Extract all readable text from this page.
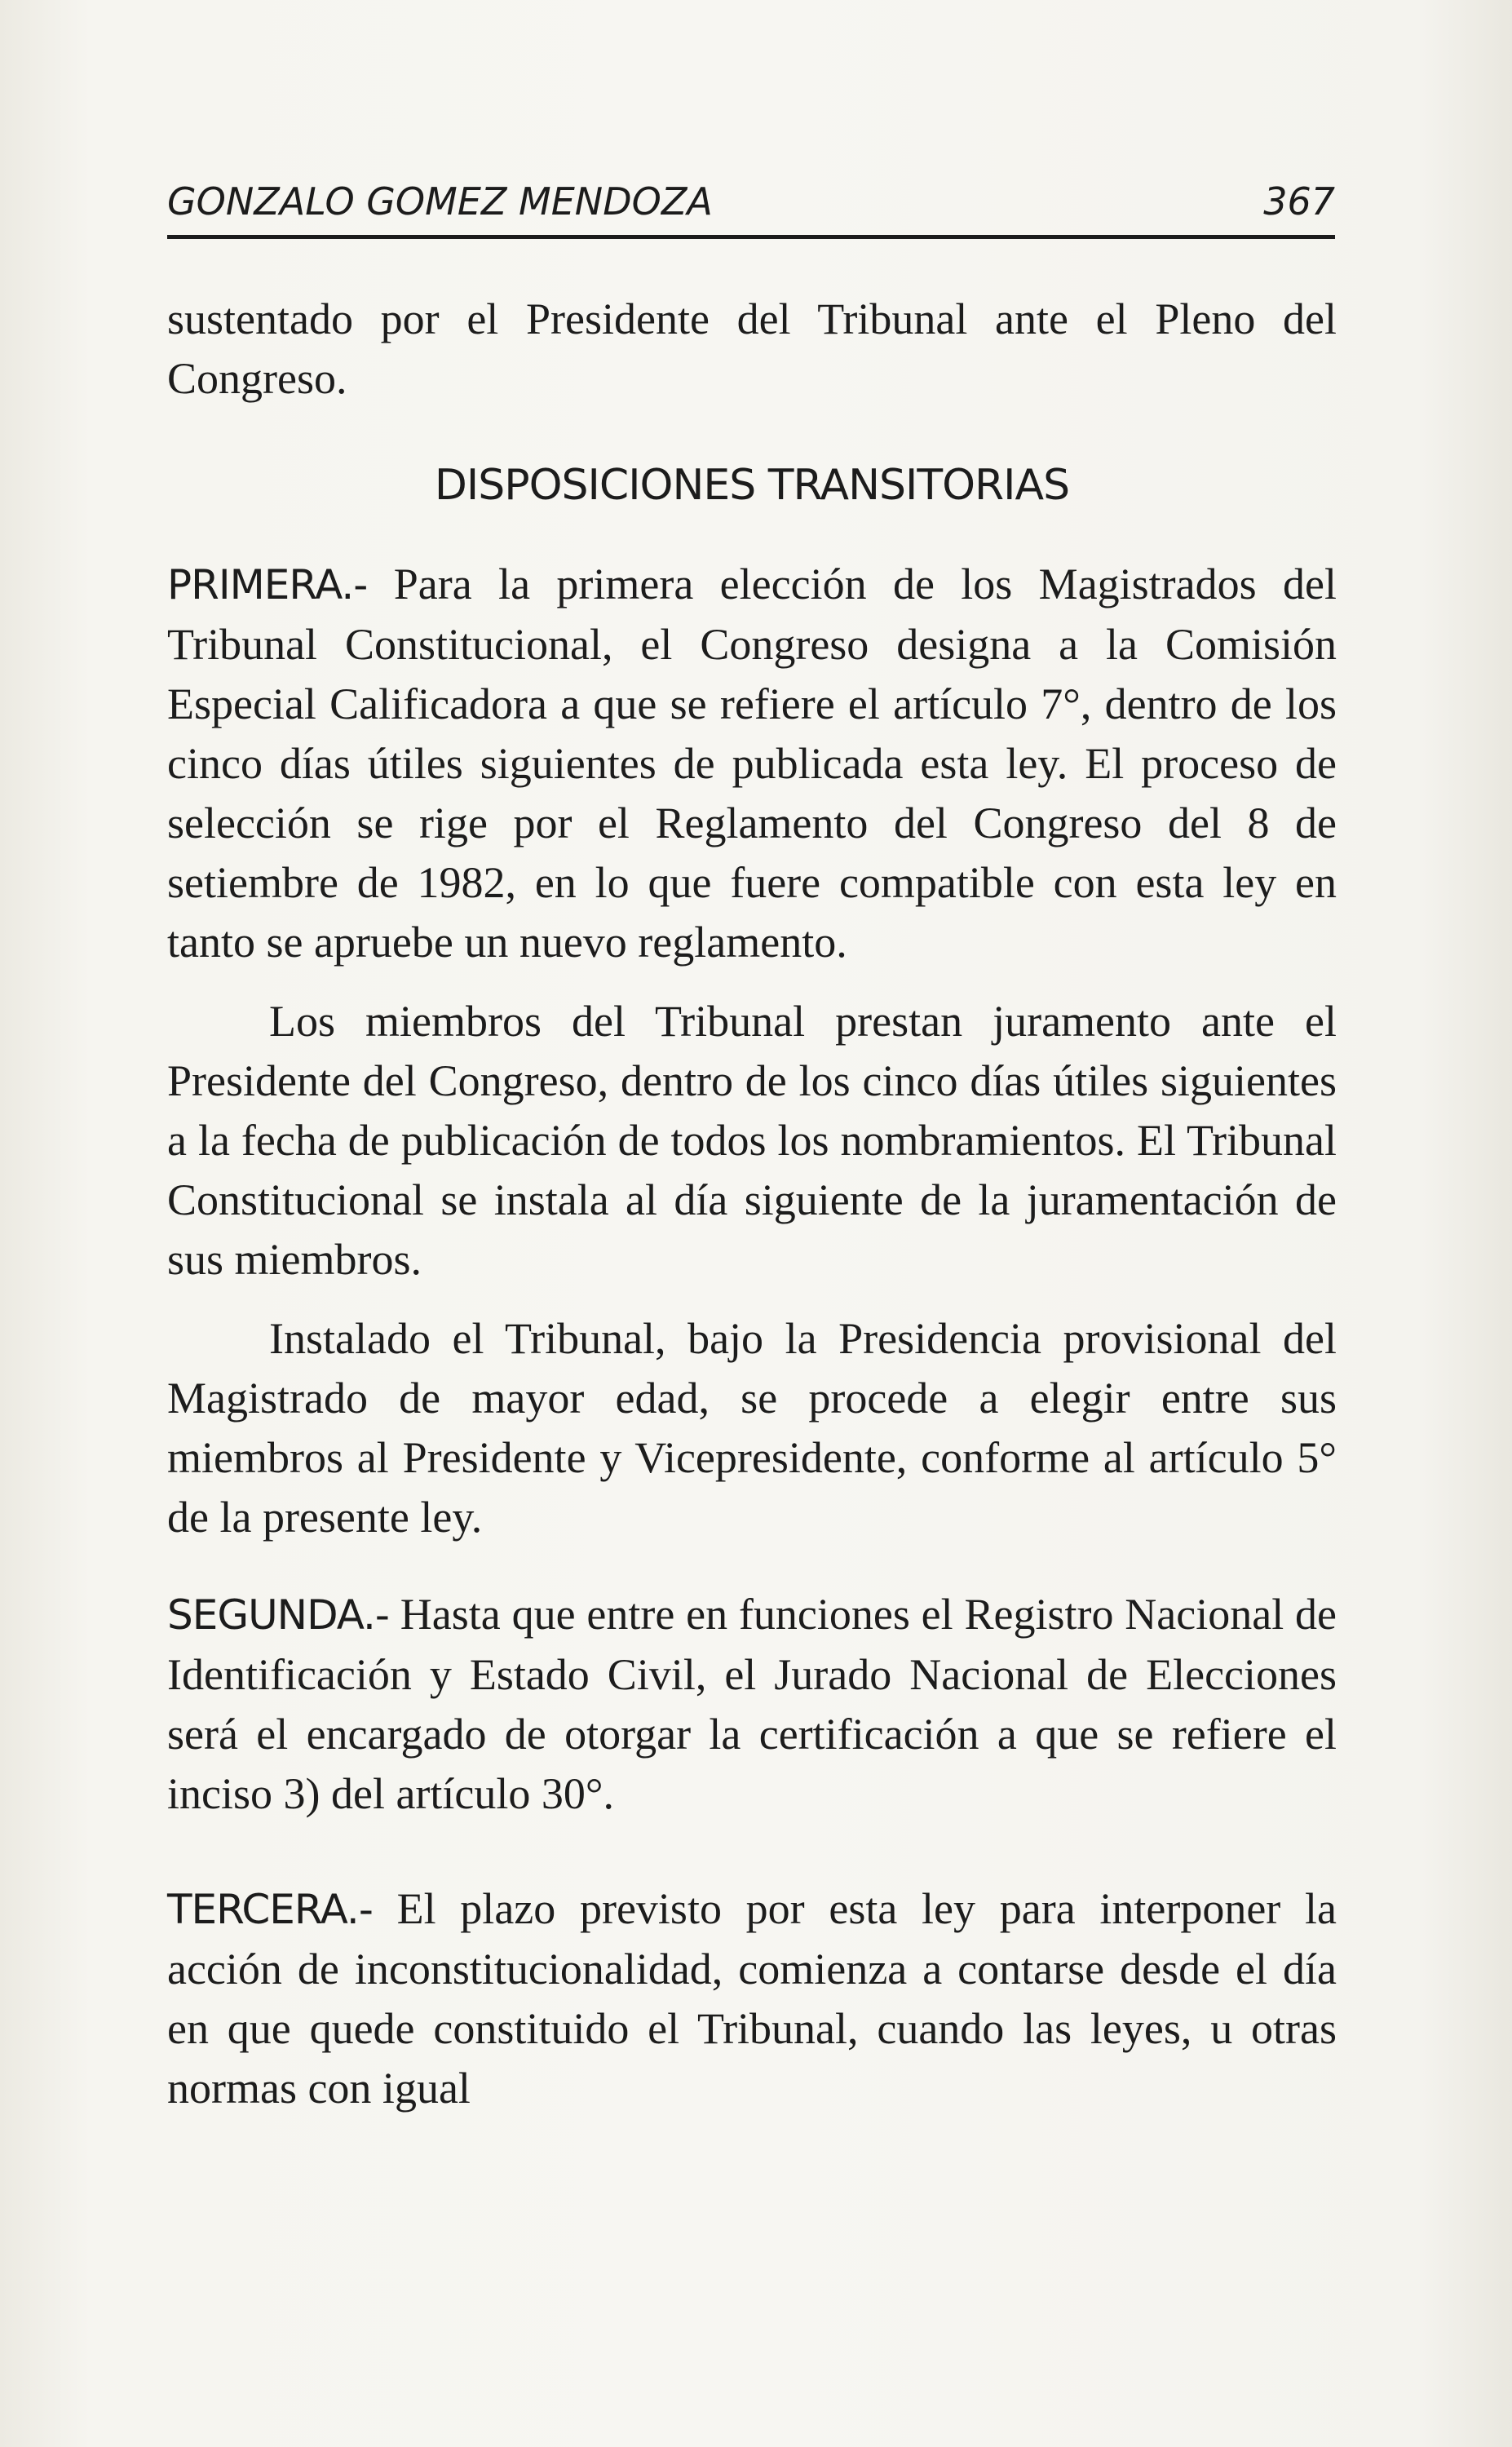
GONZALO GOMEZ MENDOZA	367

sustentado por el Presidente del Tribunal ante el Pleno del Congreso.

DISPOSICIONES TRANSITORIAS

PRIMERA.- Para la primera elección de los Magistrados del Tribunal Constitucional, el Congreso designa a la Comisión Especial Calificadora a que se refiere el artículo 7°, dentro de los cinco días útiles siguientes de publicada esta ley. El proceso de selección se rige por el Reglamento del Congreso del 8 de setiembre de 1982, en lo que fuere compatible con esta ley en tanto se apruebe un nuevo reglamento.

Los miembros del Tribunal prestan juramento ante el Presidente del Congreso, dentro de los cinco días útiles siguientes a la fecha de publicación de todos los nombramientos. El Tribunal Constitucional se instala al día siguiente de la juramentación de sus miembros.

Instalado el Tribunal, bajo la Presidencia provisional del Magistrado de mayor edad, se procede a elegir entre sus miembros al Presidente y Vicepresidente, conforme al artículo 5° de la presente ley.

SEGUNDA.- Hasta que entre en funciones el Registro Nacional de Identificación y Estado Civil, el Jurado Nacional de Elecciones será el encargado de otorgar la certificación a que se refiere el inciso 3) del artículo 30°.

TERCERA.- El plazo previsto por esta ley para interponer la acción de inconstitucionalidad, comienza a contarse desde el día en que quede constituido el Tribunal, cuando las leyes, u otras normas con igual
